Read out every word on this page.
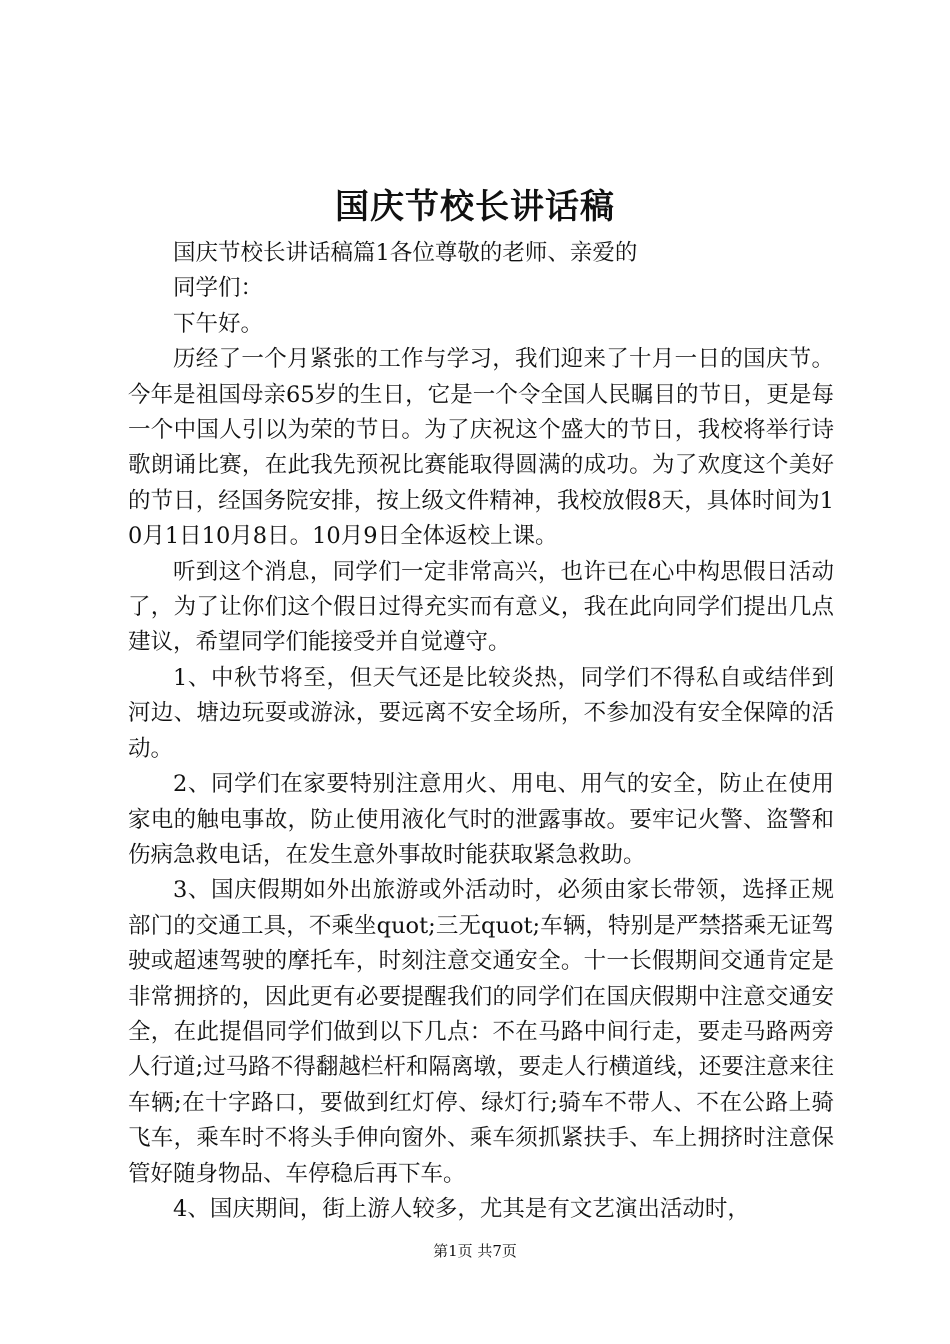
国庆节校长讲话稿

国庆节校长讲话稿篇1各位尊敬的老师、亲爱的

同学们：

下午好。

历经了一个月紧张的工作与学习，我们迎来了十月一日的国庆节。今年是祖国母亲65岁的生日，它是一个令全国人民瞩目的节日，更是每一个中国人引以为荣的节日。为了庆祝这个盛大的节日，我校将举行诗歌朗诵比赛，在此我先预祝比赛能取得圆满的成功。为了欢度这个美好的节日，经国务院安排，按上级文件精神，我校放假8天，具体时间为10月1日10月8日。10月9日全体返校上课。

听到这个消息，同学们一定非常高兴，也许已在心中构思假日活动了，为了让你们这个假日过得充实而有意义，我在此向同学们提出几点建议，希望同学们能接受并自觉遵守。

1、中秋节将至，但天气还是比较炎热，同学们不得私自或结伴到河边、塘边玩耍或游泳，要远离不安全场所，不参加没有安全保障的活动。

2、同学们在家要特别注意用火、用电、用气的安全，防止在使用家电的触电事故，防止使用液化气时的泄露事故。要牢记火警、盗警和伤病急救电话，在发生意外事故时能获取紧急救助。

3、国庆假期如外出旅游或外活动时，必须由家长带领，选择正规部门的交通工具，不乘坐quot;三无quot;车辆，特别是严禁搭乘无证驾驶或超速驾驶的摩托车，时刻注意交通安全。十一长假期间交通肯定是非常拥挤的，因此更有必要提醒我们的同学们在国庆假期中注意交通安全，在此提倡同学们做到以下几点：不在马路中间行走，要走马路两旁人行道;过马路不得翻越栏杆和隔离墩，要走人行横道线，还要注意来往车辆;在十字路口，要做到红灯停、绿灯行;骑车不带人、不在公路上骑飞车，乘车时不将头手伸向窗外、乘车须抓紧扶手、车上拥挤时注意保管好随身物品、车停稳后再下车。

4、国庆期间，街上游人较多，尤其是有文艺演出活动时，

第1页 共7页
